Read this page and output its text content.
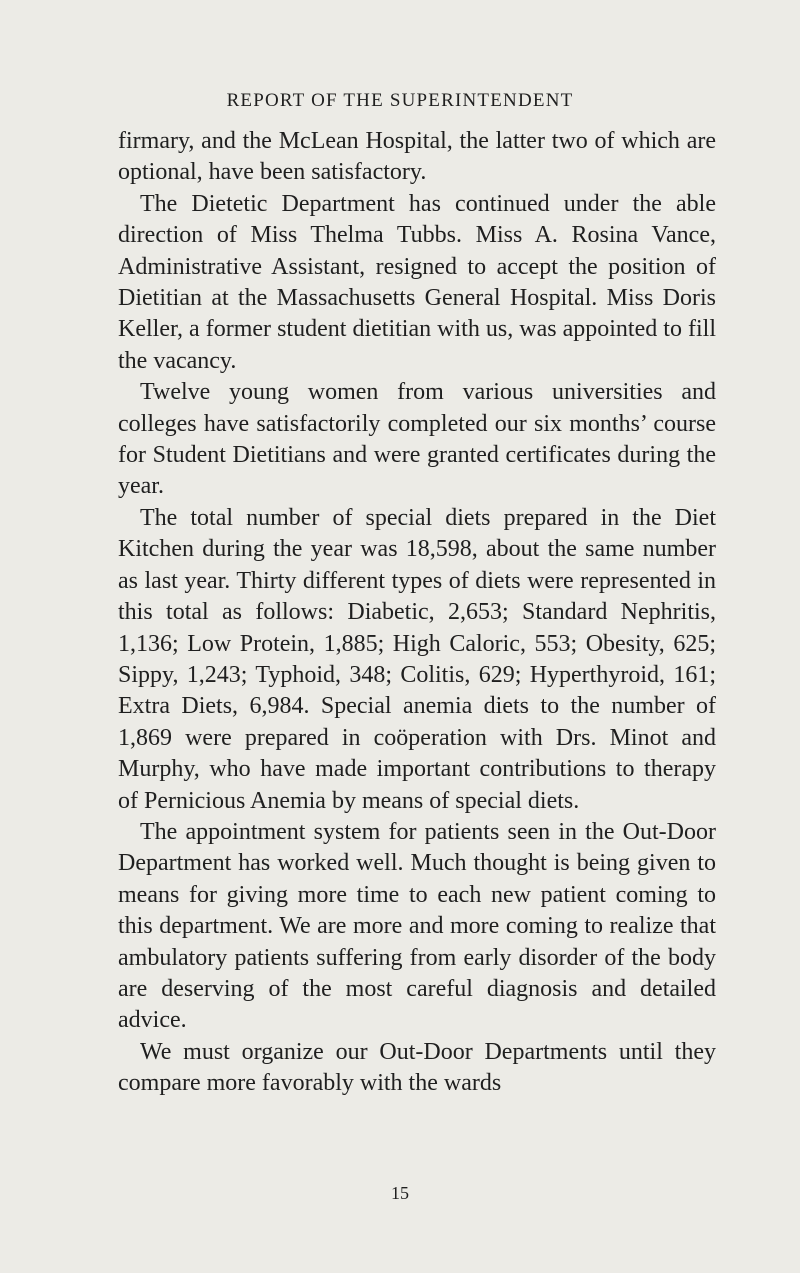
REPORT OF THE SUPERINTENDENT

firmary, and the McLean Hospital, the latter two of which are optional, have been satisfactory.

The Dietetic Department has continued under the able direction of Miss Thelma Tubbs. Miss A. Rosina Vance, Administrative Assistant, resigned to accept the position of Dietitian at the Massachusetts General Hospital. Miss Doris Keller, a former student dietitian with us, was appointed to fill the vacancy.

Twelve young women from various universities and colleges have satisfactorily completed our six months’ course for Student Dietitians and were granted certificates during the year.

The total number of special diets prepared in the Diet Kitchen during the year was 18,598, about the same number as last year. Thirty different types of diets were represented in this total as follows: Diabetic, 2,653; Standard Nephritis, 1,136; Low Protein, 1,885; High Caloric, 553; Obesity, 625; Sippy, 1,243; Typhoid, 348; Colitis, 629; Hyperthyroid, 161; Extra Diets, 6,984. Special anemia diets to the number of 1,869 were prepared in coöperation with Drs. Minot and Murphy, who have made important contributions to therapy of Pernicious Anemia by means of special diets.

The appointment system for patients seen in the Out-Door Department has worked well. Much thought is being given to means for giving more time to each new patient coming to this department. We are more and more coming to realize that ambulatory patients suffering from early disorder of the body are deserving of the most careful diagnosis and detailed advice.

We must organize our Out-Door Departments until they compare more favorably with the wards

15
